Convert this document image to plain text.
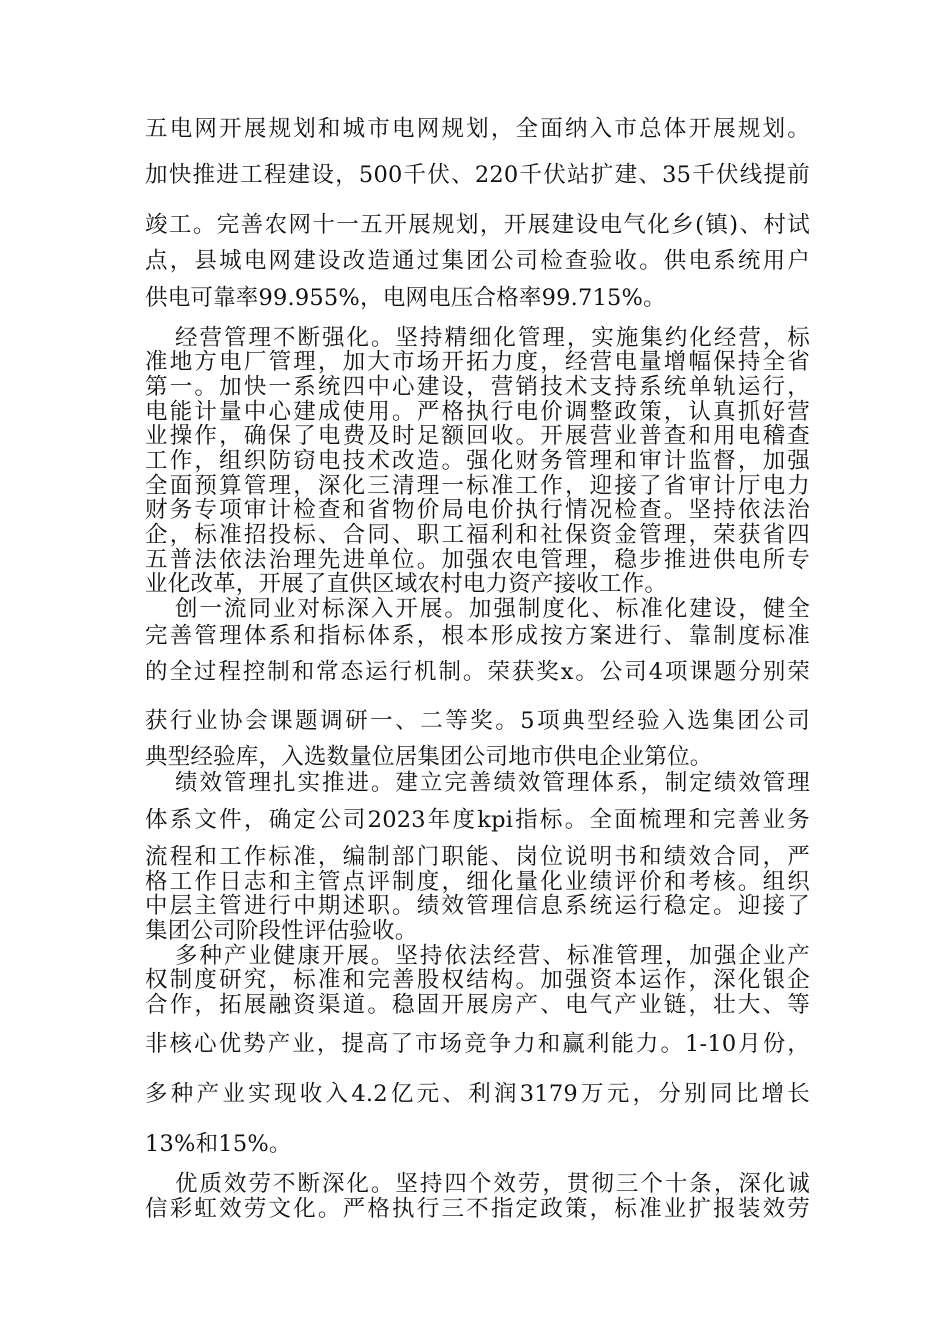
五电网开展规划和城市电网规划，全面纳入市总体开展规划。
加快推进工程建设，500千伏、220千伏站扩建、35千伏线提前
竣工。完善农网十一五开展规划，开展建设电气化乡(镇)、村试
点，县城电网建设改造通过集团公司检查验收。供电系统用户
供电可靠率99.955%，电网电压合格率99.715%。
经营管理不断强化。坚持精细化管理，实施集约化经营，标
准地方电厂管理，加大市场开拓力度，经营电量增幅保持全省
第一。加快一系统四中心建设，营销技术支持系统单轨运行，
电能计量中心建成使用。严格执行电价调整政策，认真抓好营
业操作，确保了电费及时足额回收。开展营业普查和用电稽查
工作，组织防窃电技术改造。强化财务管理和审计监督，加强
全面预算管理，深化三清理一标准工作，迎接了省审计厅电力
财务专项审计检查和省物价局电价执行情况检查。坚持依法治
企，标准招投标、合同、职工福利和社保资金管理，荣获省四
五普法依法治理先进单位。加强农电管理，稳步推进供电所专
业化改革，开展了直供区域农村电力资产接收工作。
创一流同业对标深入开展。加强制度化、标准化建设，健全
完善管理体系和指标体系，根本形成按方案进行、靠制度标准
的全过程控制和常态运行机制。荣获奖x。公司4项课题分别荣
获行业协会课题调研一、二等奖。5项典型经验入选集团公司
典型经验库，入选数量位居集团公司地市供电企业第位。
绩效管理扎实推进。建立完善绩效管理体系，制定绩效管理
体系文件，确定公司2023年度kpi指标。全面梳理和完善业务
流程和工作标准，编制部门职能、岗位说明书和绩效合同，严
格工作日志和主管点评制度，细化量化业绩评价和考核。组织
中层主管进行中期述职。绩效管理信息系统运行稳定。迎接了
集团公司阶段性评估验收。
多种产业健康开展。坚持依法经营、标准管理，加强企业产
权制度研究，标准和完善股权结构。加强资本运作，深化银企
合作，拓展融资渠道。稳固开展房产、电气产业链，壮大、等
非核心优势产业，提高了市场竞争力和赢利能力。1-10月份，
多种产业实现收入4.2亿元、利润3179万元，分别同比增长
13%和15%。
优质效劳不断深化。坚持四个效劳，贯彻三个十条，深化诚
信彩虹效劳文化。严格执行三不指定政策，标准业扩报装效劳
